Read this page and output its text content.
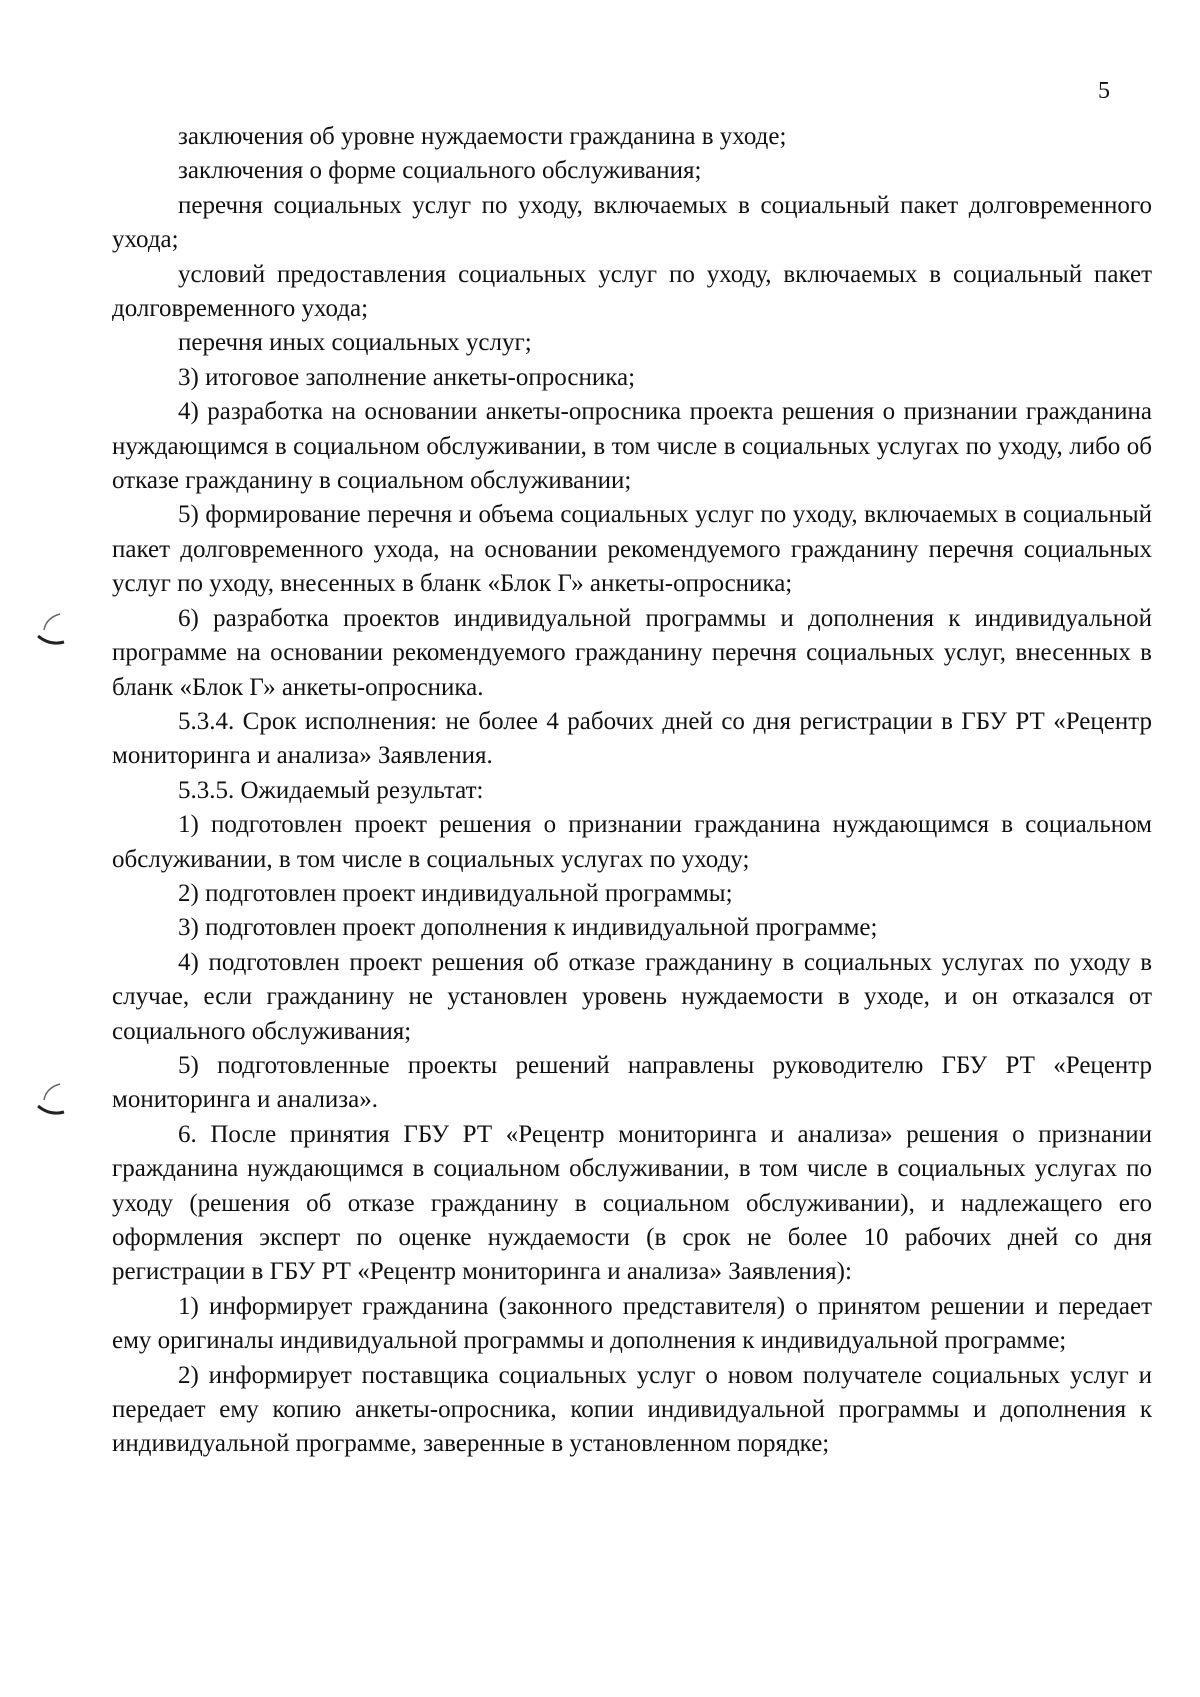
5

заключения об уровне нуждаемости гражданина в уходе;

заключения о форме социального обслуживания;

перечня социальных услуг по уходу, включаемых в социальный пакет долговременного ухода;

условий предоставления социальных услуг по уходу, включаемых в социальный пакет долговременного ухода;

перечня иных социальных услуг;

3) итоговое заполнение анкеты-опросника;

4) разработка на основании анкеты-опросника проекта решения о признании гражданина нуждающимся в социальном обслуживании, в том числе в социальных услугах по уходу, либо об отказе гражданину в социальном обслуживании;

5) формирование перечня и объема социальных услуг по уходу, включаемых в социальный пакет долговременного ухода, на основании рекомендуемого гражданину перечня социальных услуг по уходу, внесенных в бланк «Блок Г» анкеты-опросника;

6) разработка проектов индивидуальной программы и дополнения к индивидуальной программе на основании рекомендуемого гражданину перечня социальных услуг, внесенных в бланк «Блок Г» анкеты-опросника.

5.3.4. Срок исполнения: не более 4 рабочих дней со дня регистрации в ГБУ РТ «Рецентр мониторинга и анализа» Заявления.

5.3.5. Ожидаемый результат:

1) подготовлен проект решения о признании гражданина нуждающимся в социальном обслуживании, в том числе в социальных услугах по уходу;

2) подготовлен проект индивидуальной программы;

3) подготовлен проект дополнения к индивидуальной программе;

4) подготовлен проект решения об отказе гражданину в социальных услугах по уходу в случае, если гражданину не установлен уровень нуждаемости в уходе, и он отказался от социального обслуживания;

5) подготовленные проекты решений направлены руководителю ГБУ РТ «Рецентр мониторинга и анализа».

6. После принятия ГБУ РТ «Рецентр мониторинга и анализа» решения о признании гражданина нуждающимся в социальном обслуживании, в том числе в социальных услугах по уходу (решения об отказе гражданину в социальном обслуживании), и надлежащего его оформления эксперт по оценке нуждаемости (в срок не более 10 рабочих дней со дня регистрации в ГБУ РТ «Рецентр мониторинга и анализа» Заявления):

1) информирует гражданина (законного представителя) о принятом решении и передает ему оригиналы индивидуальной программы и дополнения к индивидуальной программе;

2) информирует поставщика социальных услуг о новом получателе социальных услуг и передает ему копию анкеты-опросника, копии индивидуальной программы и дополнения к индивидуальной программе, заверенные в установленном порядке;
